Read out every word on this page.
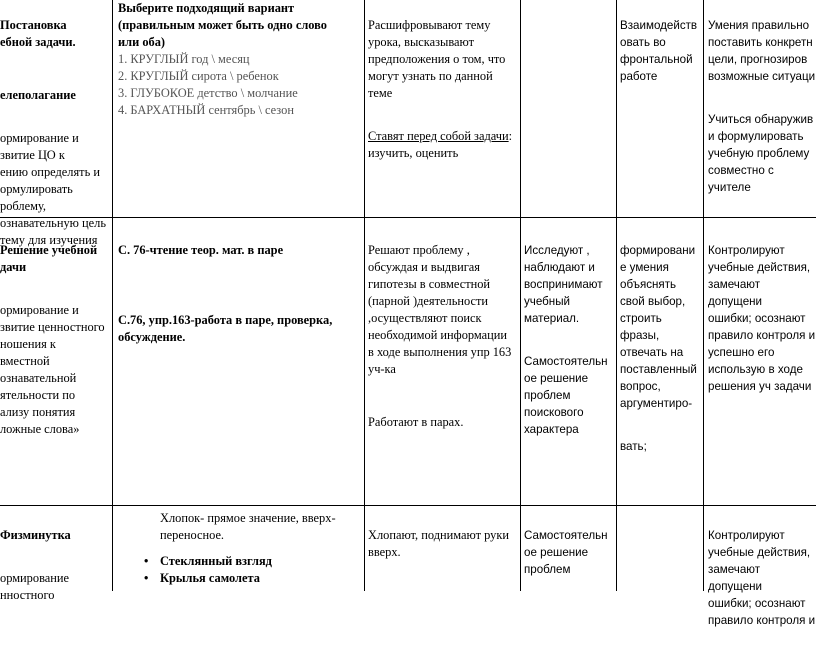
Постановка
ебной задачи.

елеполагание

ормирование и
звитие ЦО к
ению определять и
ормулировать
роблему,
ознавательную цель
тему для изучения

Выберите подходящий вариант
(правильным может быть одно слово
или оба)

1. КРУГЛЫЙ год \ месяц

2. КРУГЛЫЙ сирота \ ребенок

3. ГЛУБОКОЕ детство \ молчание

4. БАРХАТНЫЙ сентябрь \ сезон

Расшифровывают тему
урока, высказывают
предположения о том, что
могут узнать по данной
теме

Ставят перед собой задачи:
изучить, оценить

Взаимодейств
овать во
фронтальной
работе

Умения правильно
поставить конкретн
цели, прогнозиров
возможные ситуаци

Учиться обнаружив
и формулировать
учебную проблему
совместно с учителе

Решение учебной
дачи

ормирование и
звитие ценностного
ношения к
вместной
ознавательной
ятельности по
ализу понятия
ложные слова»

С. 76-чтение теор. мат. в паре

С.76, упр.163-работа в паре, проверка,
обсуждение.

Решают проблему ,
обсуждая и выдвигая
гипотезы в совместной
(парной )деятельности
,осуществляют поиск
необходимой информации
в ходе выполнения упр 163
уч-ка

Работают в парах.

Исследуют ,
наблюдают и
воспринимают
учебный
материал.

Самостоятельн
ое решение
проблем
поискового
характера

формировани
е умения
объяснять
свой выбор,
строить
фразы,
отвечать на
поставленный
вопрос,
аргументиро-

вать;

Контролируют
учебные действия,
замечают допущени
ошибки; осознают
правило контроля и
успешно его
использую в ходе
решения уч задачи

Физминутка

ормирование
нностного

Хлопок- прямое значение, вверх-
переносное.

• Стеклянный взгляд
• Крылья самолета

Хлопают, поднимают руки
вверх.

Самостоятельн
ое решение
проблем

Контролируют
учебные действия,
замечают допущени
ошибки; осознают
правило контроля и
